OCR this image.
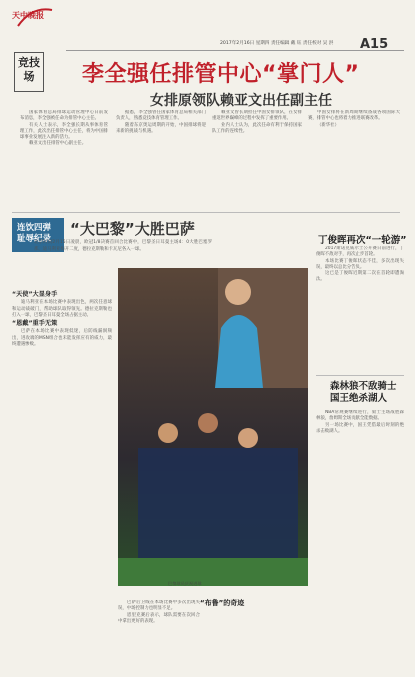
天中晚报
竞技场
2017年2月16日 星期四 责任编辑 戴 钰 责任校对 吴 洪 A15
李全强任排管中心“掌门人”
女排原领队赖亚文出任副主任

国家体育总局排球运动管理中心日前发布消息，李全强被任命为排管中心主任。

有关人士表示，李全强长期从事体育管理工作，此次出任排管中心主任，将为中国排球事业发展注入新的活力。

赖亚文出任排管中心副主任。

据悉，李全强曾任国家体育总局相关部门负责人，熟悉竞技体育管理工作。

随着东京奥运周期的开始，中国排球将迎来新的挑战与机遇。

赖亚文曾长期担任中国女排领队，在女排重返世界巅峰的过程中发挥了重要作用。

业内人士认为，此次任命有利于保持国家队工作的连续性。

中国女排将在新周期继续备战各项国际大赛，排管中心也将着力推进联赛改革。

（新华社）

连饮四弹耻辱纪录
“大巴黎”大胜巴萨
北京时间2月15日凌晨，欧冠1/8决赛首回合比赛中，巴黎圣日耳曼主场4：0大胜巴塞罗那，迪马利亚梅开二度，德拉克斯勒和卡瓦尼各入一球。
“天使”大显身手

迪马利亚在本场比赛中表现出色，两次任意球和运动战破门，帮助球队取得领先。德拉克斯勒也打入一球，巴黎圣日耳曼全场占据主动。

“恩戴”重手无策

巴萨在本场比赛中表现低迷，后防线漏洞频出，进攻端的MSN组合也未能发挥应有的威力，最终遭遇惨败。

巴萨后卫线在本场比赛中多次出现失误，中场控制力也明显不足。

恩里克赛后表示，球队需要在次回合中拿出更好的表现。

巴黎球员庆祝进球
“布鲁”的奇迹
丁俊晖再次“一轮游”

2017斯诺克威尔士公开赛日前进行，丁俊晖不敌对手，再次止步首轮。

本场比赛丁俊晖状态不佳，多次出现失误，最终以总比分告负。

这已是丁俊晖近期第二次在首轮即遭淘汰。

森林狼不敌骑士
国王绝杀湖人

NBA常规赛继续进行，骑士主场战胜森林狼，詹姆斯全场贡献全能数据。

另一场比赛中，国王凭借最后时刻的绝杀击败湖人。
